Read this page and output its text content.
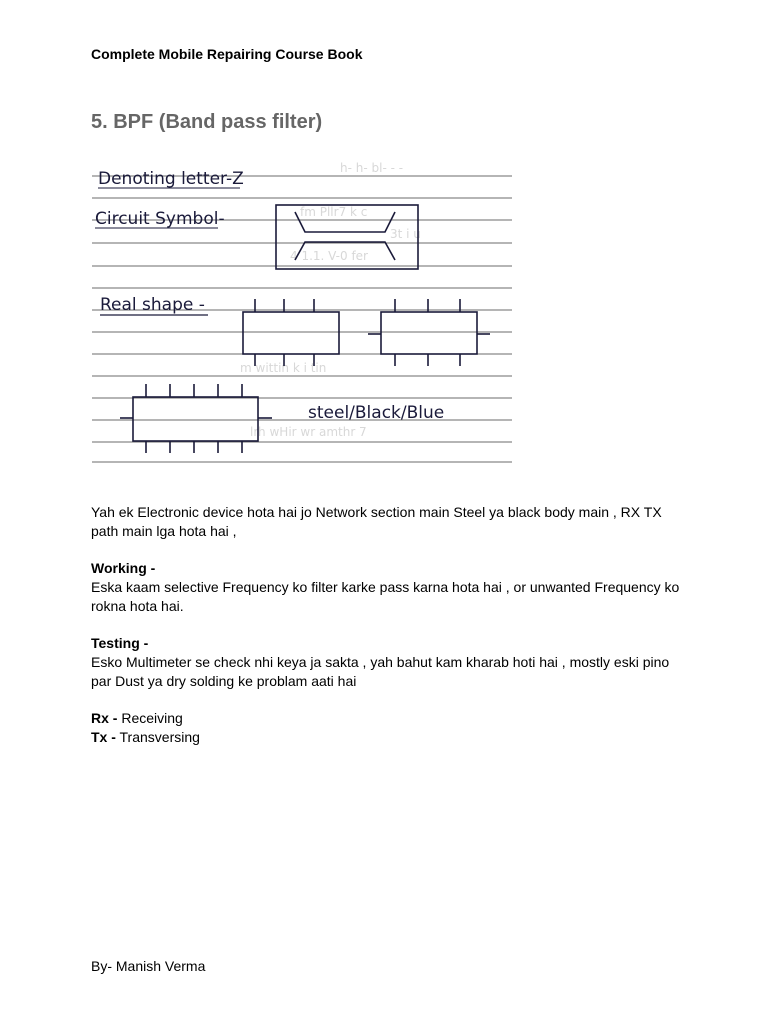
Complete Mobile Repairing Course Book
5. BPF (Band pass filter)
h- h- bl- - -
fm Pllr7 k c
3t i u
4 1.1. V-0 fer
m wittin k i tin
lrh wHir wr amthr 7
Denoting letter-Z
Circuit Symbol-
Real shape -
steel/Black/Blue

Yah ek Electronic device hota hai jo Network section main Steel ya black body main , RX TX path main lga hota hai ,

Working -
Eska kaam selective Frequency ko filter karke pass karna hota hai , or unwanted Frequency ko rokna hota hai.

Testing -
Esko Multimeter se check nhi keya ja sakta , yah bahut kam kharab hoti hai , mostly eski pino par Dust ya dry solding ke problam aati hai

Rx - Receiving
Tx - Transversing

By- Manish Verma
